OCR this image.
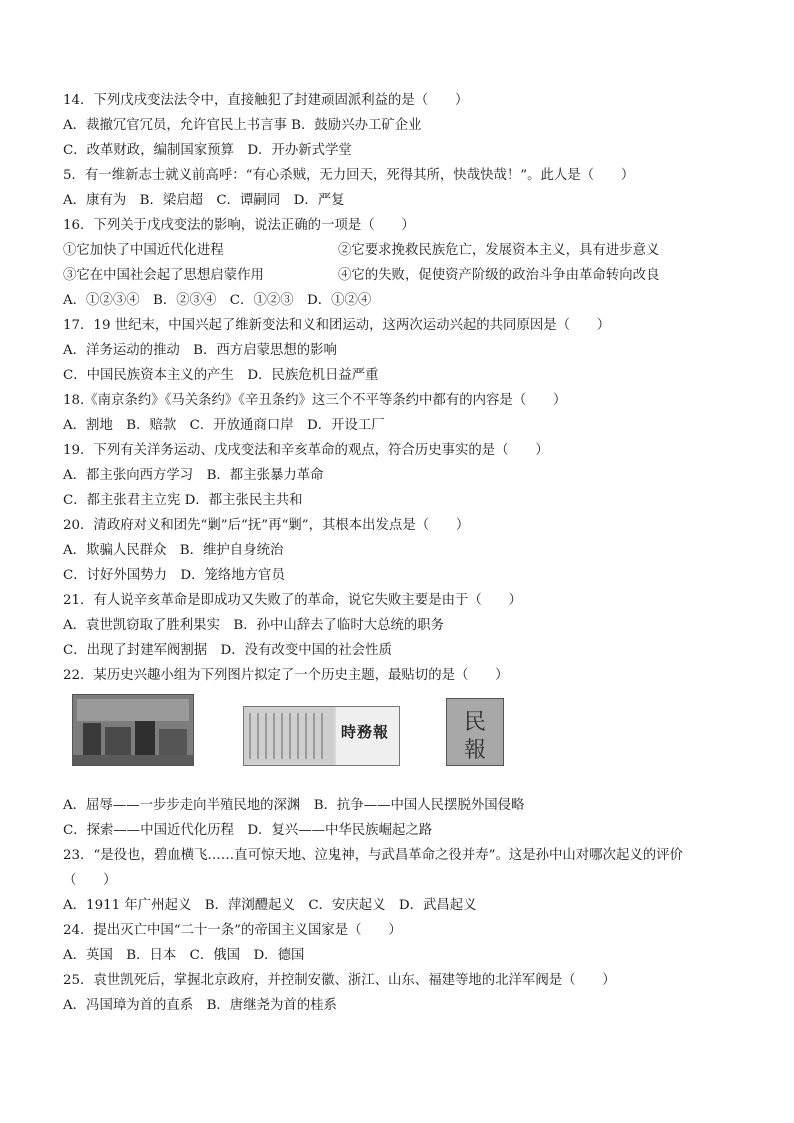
14．下列戊戌变法法令中，直接触犯了封建顽固派利益的是（　　）
A．裁撤冗官冗员，允许官民上书言事 B．鼓励兴办工矿企业
C．改革财政，编制国家预算　D．开办新式学堂
5．有一维新志士就义前高呼：“有心杀贼，无力回天，死得其所，快哉快哉！”。此人是（　　）
A．康有为　B．梁启超　C．谭嗣同　D．严复
16．下列关于戊戌变法的影响，说法正确的一项是（　　）
①它加快了中国近代化进程	②它要求挽救民族危亡，发展资本主义，具有进步意义
③它在中国社会起了思想启蒙作用	④它的失败，促使资产阶级的政治斗争由革命转向改良
A．①②③④　B．②③④　C．①②③　D．①②④
17．19 世纪末，中国兴起了维新变法和义和团运动，这两次运动兴起的共同原因是（　　）
A．洋务运动的推动　B．西方启蒙思想的影响
C．中国民族资本主义的产生　D．民族危机日益严重
18.《南京条约》《马关条约》《辛丑条约》这三个不平等条约中都有的内容是（　　）
A．割地　B．赔款　C．开放通商口岸　D．开设工厂
19．下列有关洋务运动、戊戌变法和辛亥革命的观点，符合历史事实的是（　　）
A．都主张向西方学习　B．都主张暴力革命
C．都主张君主立宪 D．都主张民主共和
20．清政府对义和团先“剿”后“抚”再“剿”，其根本出发点是（　　）
A．欺骗人民群众　B．维护自身统治
C．讨好外国势力　D．笼络地方官员
21．有人说辛亥革命是即成功又失败了的革命，说它失败主要是由于（　　）
A．袁世凯窃取了胜利果实　B．孙中山辞去了临时大总统的职务
C．出现了封建军阀割据　D．没有改变中国的社会性质
22．某历史兴趣小组为下列图片拟定了一个历史主题，最贴切的是（　　）
時務報	民
報
A．屈辱——一步步走向半殖民地的深渊　B．抗争——中国人民摆脱外国侵略
C．探索——中国近代化历程　D．复兴——中华民族崛起之路
23．“是役也，碧血横飞……直可惊天地、泣鬼神，与武昌革命之役并寿”。这是孙中山对哪次起义的评价
（　　）
A．1911 年广州起义　B．萍浏醴起义　C．安庆起义　D．武昌起义
24．提出灭亡中国“二十一条”的帝国主义国家是（　　）
A．英国　B．日本　C．俄国　D．德国
25．袁世凯死后，掌握北京政府，并控制安徽、浙江、山东、福建等地的北洋军阀是（　　）
A．冯国璋为首的直系　B．唐继尧为首的桂系
